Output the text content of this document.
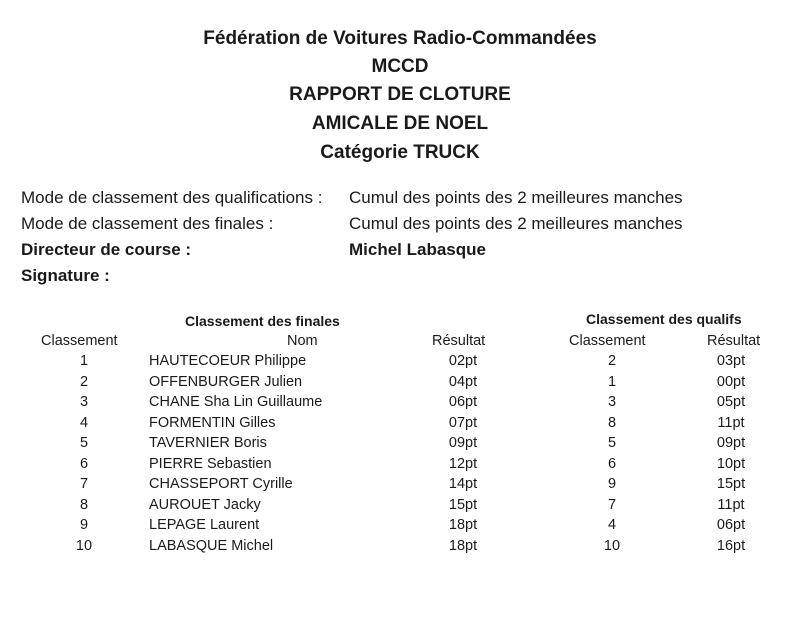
Fédération de Voitures Radio-Commandées
MCCD
RAPPORT DE CLOTURE
AMICALE DE NOEL
Catégorie TRUCK
Mode de classement des qualifications : Cumul des points des 2 meilleures manches
Mode de classement des finales :	Cumul des points des 2 meilleures manches
Directeur de course :	Michel Labasque
Signature :
Classement des finales	Classement des qualifs
Classement	Nom	Résultat	Classement	Résultat
1	HAUTECOEUR Philippe	02pt	2	03pt
2	OFFENBURGER Julien	04pt	1	00pt
3	CHANE Sha Lin Guillaume	06pt	3	05pt
4	FORMENTIN Gilles	07pt	8	11pt
5	TAVERNIER Boris	09pt	5	09pt
6	PIERRE Sebastien	12pt	6	10pt
7	CHASSEPORT Cyrille	14pt	9	15pt
8	AUROUET Jacky	15pt	7	11pt
9	LEPAGE Laurent	18pt	4	06pt
10	LABASQUE Michel	18pt	10	16pt
